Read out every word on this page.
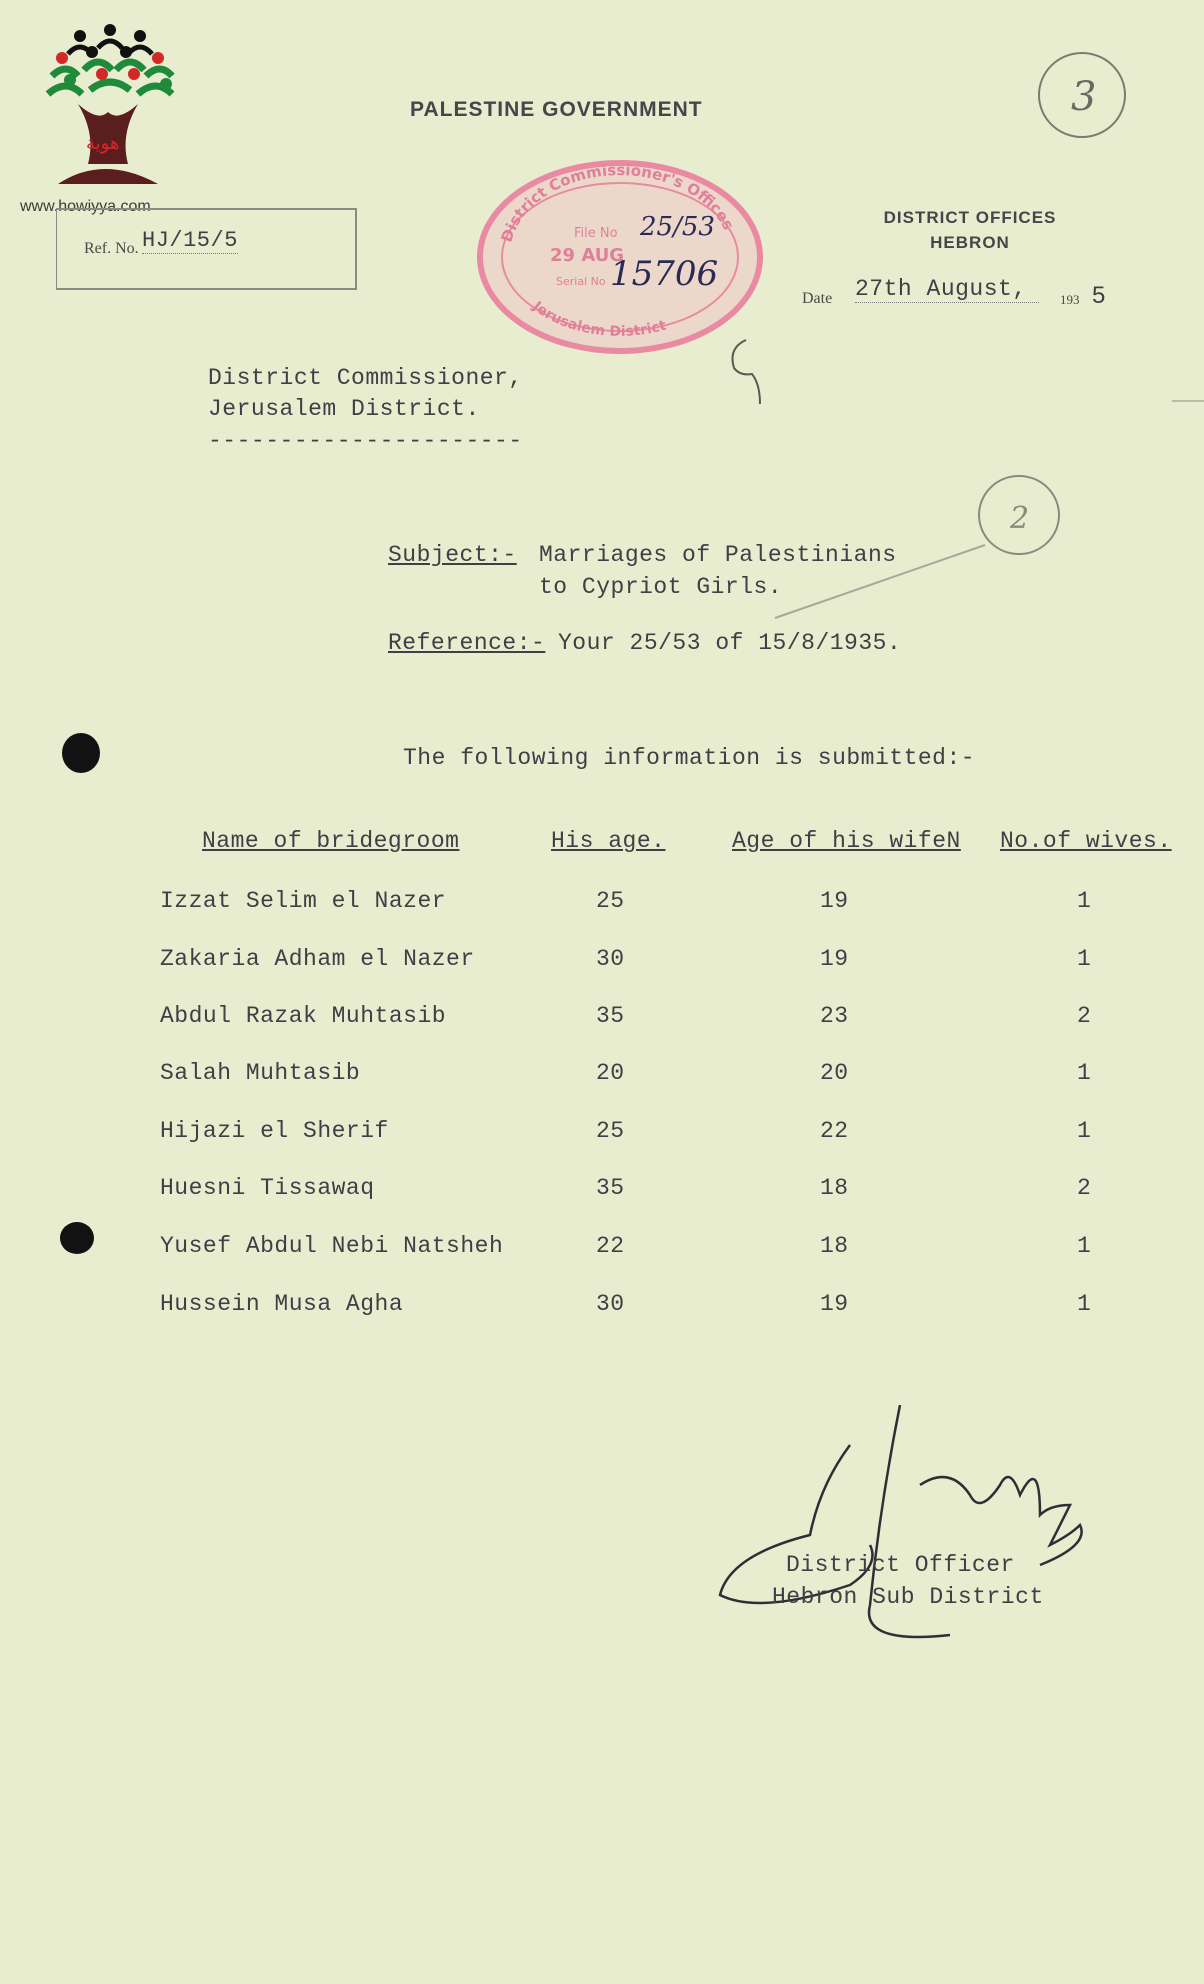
هوية
www.howiyya.com
PALESTINE GOVERNMENT
Ref. No. HJ/15/5	District Commissioner's Offices
Jerusalem District
File No
29 AUG
Serial No
25/53
15706
DISTRICT OFFICES
HEBRON
Date 27th August,	193 5
3
2
District Commissioner,
Jerusalem District.
----------------------
Subject:- Marriages of Palestinians
to Cypriot Girls.
Reference:- Your 25/53 of 15/8/1935.
The following information is submitted:-
Name of bridegroom	His age.	Age of his wifeN No.of wives.
Izzat Selim el Nazer	25	19	1
Zakaria Adham el Nazer	30	19	1
Abdul Razak Muhtasib	35	23	2
Salah Muhtasib	20	20	1
Hijazi el Sherif	25	22	1
Huesni Tissawaq	35	18	2
Yusef Abdul Nebi Natsheh	22	18	1
Hussein Musa Agha	30	19	1
District Officer
Hebron Sub District
